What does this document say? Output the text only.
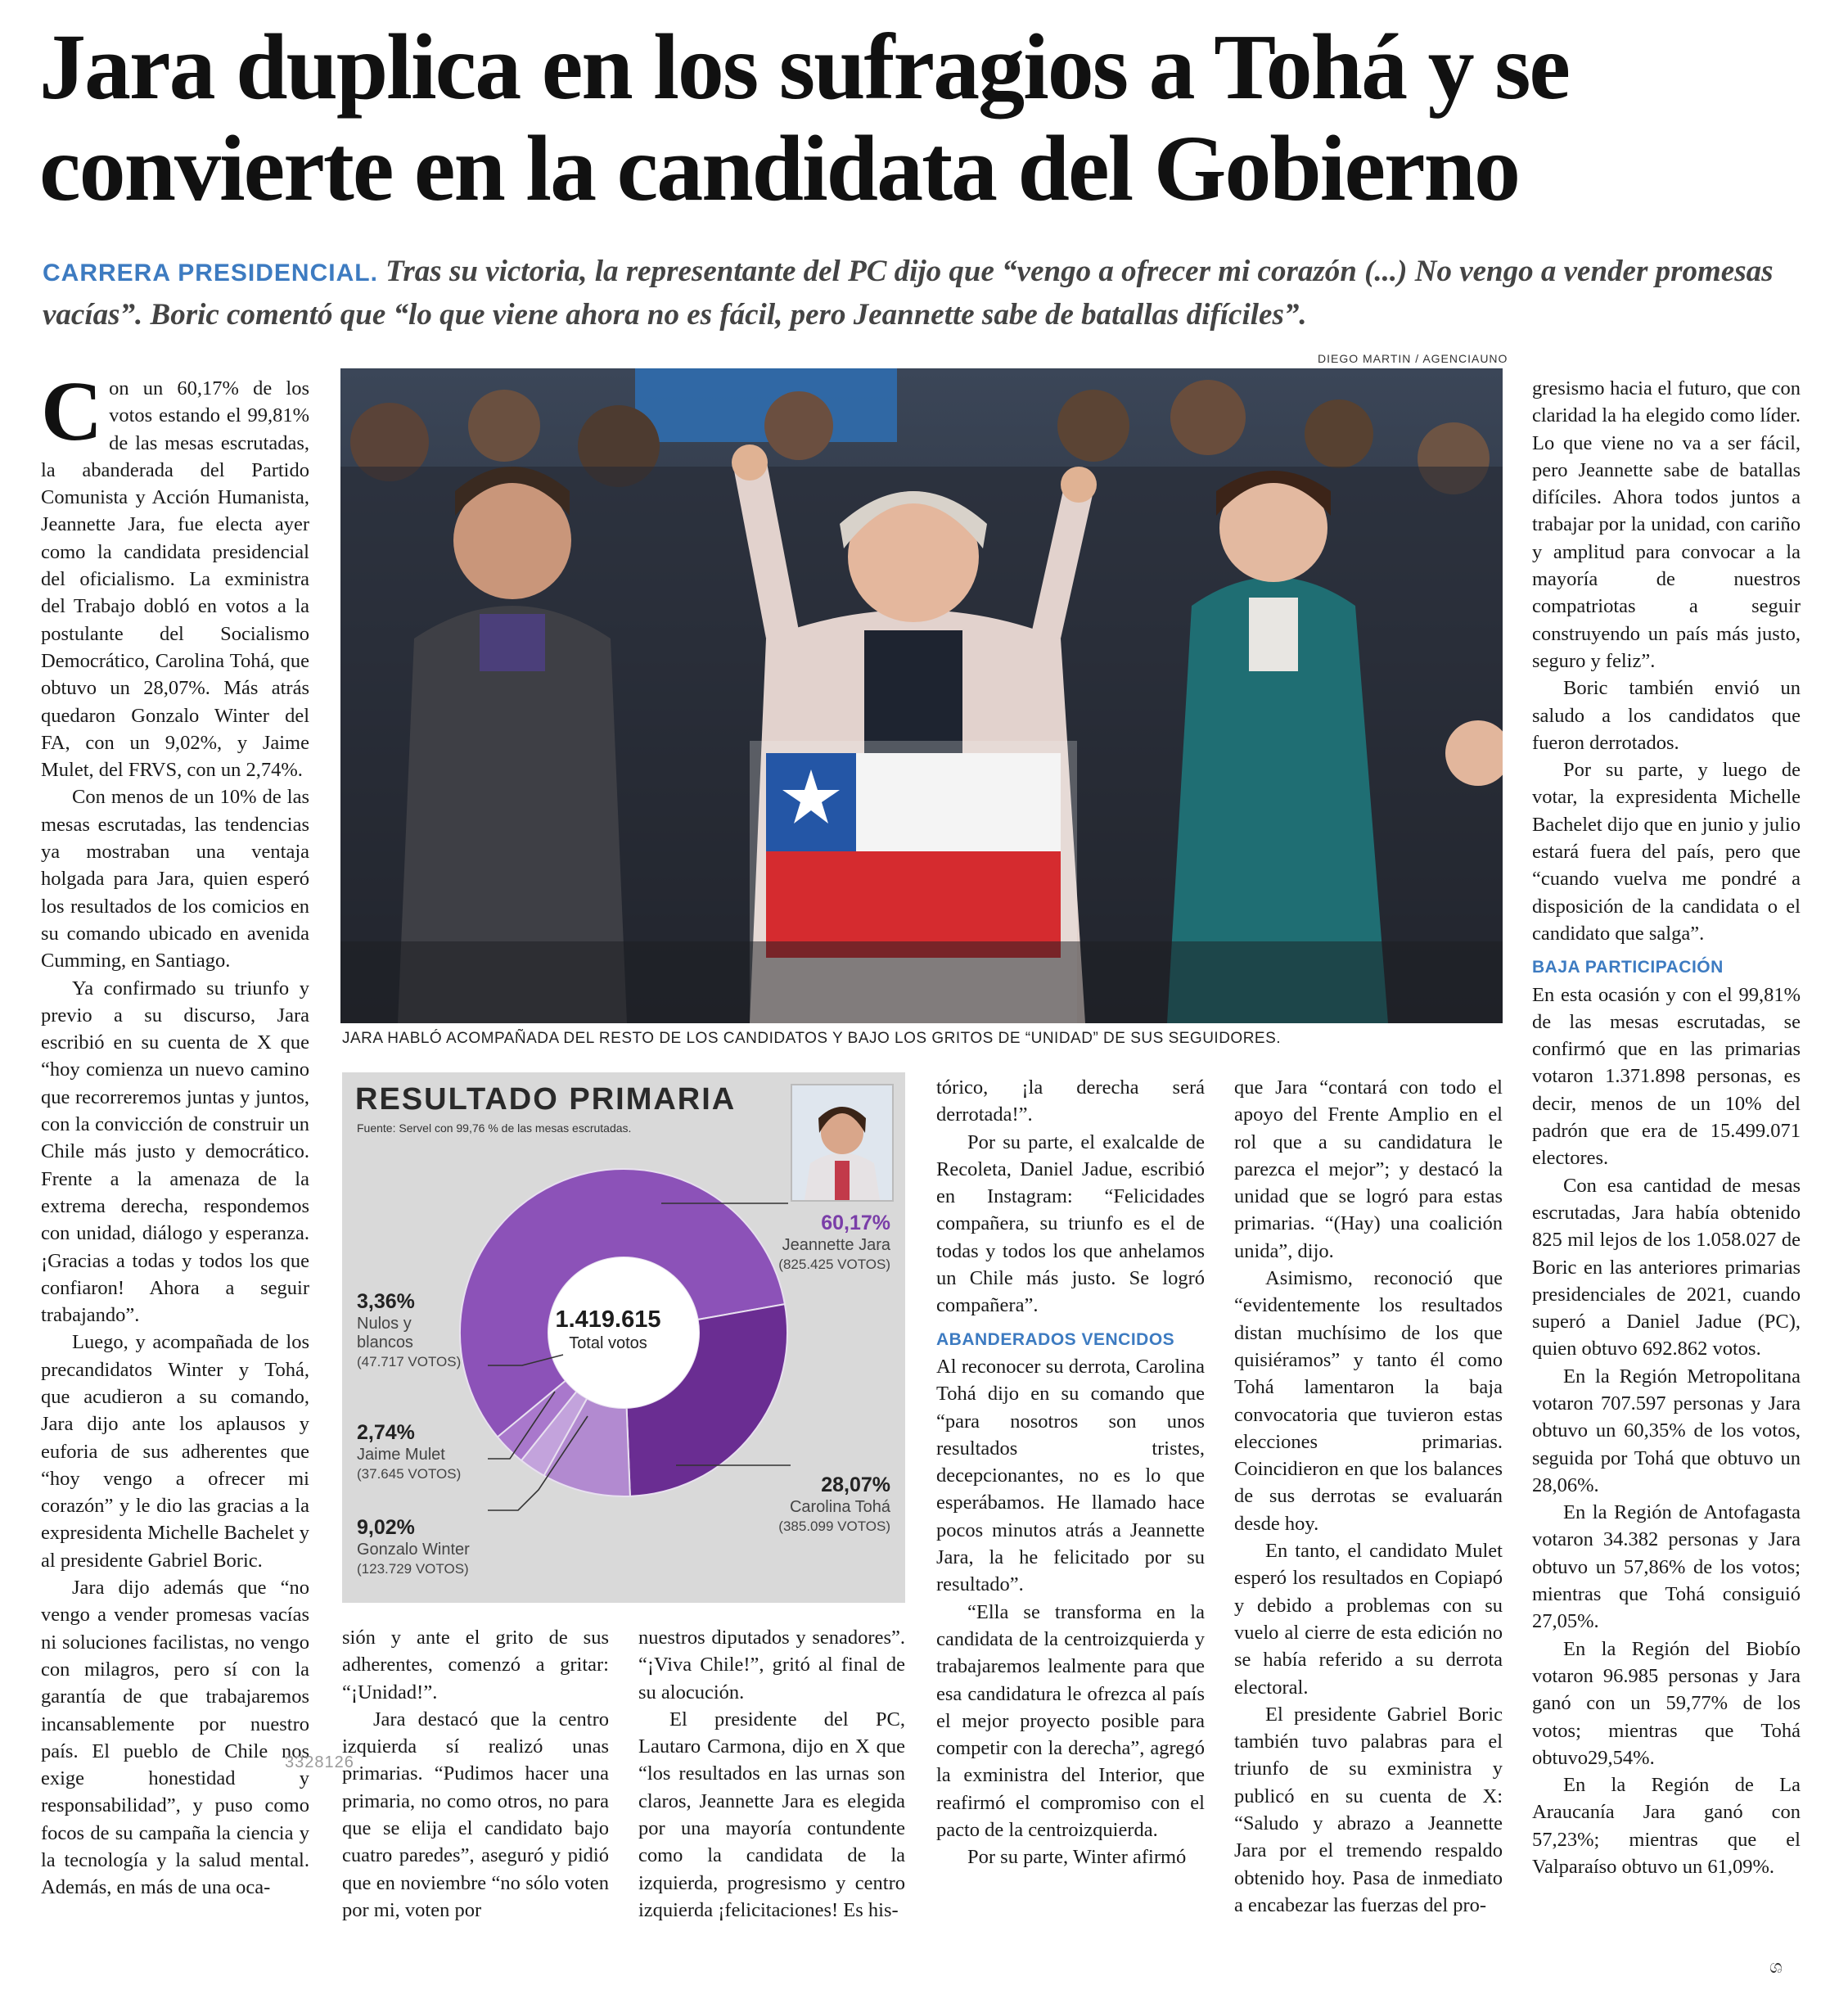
Jara duplica en los sufragios a Tohá y se convierte en la candidata del Gobierno

CARRERA PRESIDENCIAL. Tras su victoria, la representante del PC dijo que “vengo a ofrecer mi corazón (...) No vengo a vender promesas vacías”. Boric comentó que “lo que viene ahora no es fácil, pero Jeannette sabe de batallas difíciles”.

DIEGO MARTIN / AGENCIAUNO
JARA HABLÓ ACOMPAÑADA DEL RESTO DE LOS CANDIDATOS Y BAJO LOS GRITOS DE “UNIDAD” DE SUS SEGUIDORES.

Con un 60,17% de los votos estando el 99,81% de las mesas escrutadas, la abanderada del Partido Comunista y Acción Humanista, Jeannette Jara, fue electa ayer como la candidata presidencial del oficialismo. La exministra del Trabajo dobló en votos a la postulante del Socialismo Democrático, Carolina Tohá, que obtuvo un 28,07%. Más atrás quedaron Gonzalo Winter del FA, con un 9,02%, y Jaime Mulet, del FRVS, con un 2,74%.

Con menos de un 10% de las mesas escrutadas, las tendencias ya mostraban una ventaja holgada para Jara, quien esperó los resultados de los comicios en su comando ubicado en avenida Cumming, en Santiago.

Ya confirmado su triunfo y previo a su discurso, Jara escribió en su cuenta de X que “hoy comienza un nuevo camino que recorreremos juntas y juntos, con la convicción de construir un Chile más justo y democrático. Frente a la amenaza de la extrema derecha, respondemos con unidad, diálogo y esperanza. ¡Gracias a todas y todos los que confiaron! Ahora a seguir trabajando”.

Luego, y acompañada de los precandidatos Winter y Tohá, que acudieron a su comando, Jara dijo ante los aplausos y euforia de sus adherentes que “hoy vengo a ofrecer mi corazón” y le dio las gracias a la expresidenta Michelle Bachelet y al presidente Gabriel Boric.

Jara dijo además que “no vengo a vender promesas vacías ni soluciones facilistas, no vengo con milagros, pero sí con la garantía de que trabajaremos incansablemente por nuestro país. El pueblo de Chile nos exige honestidad y responsabilidad”, y puso como focos de su campaña la ciencia y la tecnología y la salud mental. Además, en más de una oca-

RESULTADO PRIMARIA
Fuente: Servel con 99,76 % de las mesas escrutadas.
1.419.615
Total votos
60,17%
Jeannette Jara
(825.425 VOTOS)
28,07%
Carolina Tohá
(385.099 VOTOS)
3,36%
Nulos y
blancos
(47.717 VOTOS)
2,74%
Jaime Mulet
(37.645 VOTOS)
9,02%
Gonzalo Winter
(123.729 VOTOS)

sión y ante el grito de sus adherentes, comenzó a gritar: “¡Unidad!”.

Jara destacó que la centro izquierda sí realizó unas primarias. “Pudimos hacer una primaria, no como otros, no para que se elija el candidato bajo cuatro paredes”, aseguró y pidió que en noviembre “no sólo voten por mi, voten por

3328126

nuestros diputados y senadores”. “¡Viva Chile!”, gritó al final de su alocución.

El presidente del PC, Lautaro Carmona, dijo en X que “los resultados en las urnas son claros, Jeannette Jara es elegida por una mayoría contundente como la candidata de la izquierda, progresismo y centro izquierda ¡felicitaciones! Es his-

tórico, ¡la derecha será derrotada!”.

Por su parte, el exalcalde de Recoleta, Daniel Jadue, escribió en Instagram: “Felicidades compañera, su triunfo es el de todas y todos los que anhelamos un Chile más justo. Se logró compañera”.

ABANDERADOS VENCIDOS

Al reconocer su derrota, Carolina Tohá dijo en su comando que “para nosotros son unos resultados tristes, decepcionantes, no es lo que esperábamos. He llamado hace pocos minutos atrás a Jeannette Jara, la he felicitado por su resultado”.

“Ella se transforma en la candidata de la centroizquierda y trabajaremos lealmente para que esa candidatura le ofrezca al país el mejor proyecto posible para competir con la derecha”, agregó la exministra del Interior, que reafirmó el compromiso con el pacto de la centroizquierda.

Por su parte, Winter afirmó

que Jara “contará con todo el apoyo del Frente Amplio en el rol que a su candidatura le parezca el mejor”; y destacó la unidad que se logró para estas primarias. “(Hay) una coalición unida”, dijo.

Asimismo, reconoció que “evidentemente los resultados distan muchísimo de los que quisiéramos” y tanto él como Tohá lamentaron la baja convocatoria que tuvieron estas elecciones primarias. Coincidieron en que los balances de sus derrotas se evaluarán desde hoy.

En tanto, el candidato Mulet esperó los resultados en Copiapó y debido a problemas con su vuelo al cierre de esta edición no se había referido a su derrota electoral.

El presidente Gabriel Boric también tuvo palabras para el triunfo de su exministra y publicó en su cuenta de X: “Saludo y abrazo a Jeannette Jara por el tremendo respaldo obtenido hoy. Pasa de inmediato a encabezar las fuerzas del pro-

gresismo hacia el futuro, que con claridad la ha elegido como líder. Lo que viene no va a ser fácil, pero Jeannette sabe de batallas difíciles. Ahora todos juntos a trabajar por la unidad, con cariño y amplitud para convocar a la mayoría de nuestros compatriotas a seguir construyendo un país más justo, seguro y feliz”.

Boric también envió un saludo a los candidatos que fueron derrotados.

Por su parte, y luego de votar, la expresidenta Michelle Bachelet dijo que en junio y julio estará fuera del país, pero que “cuando vuelva me pondré a disposición de la candidata o el candidato que salga”.

BAJA PARTICIPACIÓN

En esta ocasión y con el 99,81% de las mesas escrutadas, se confirmó que en las primarias votaron 1.371.898 personas, es decir, menos de un 10% del padrón que era de 15.499.071 electores.

Con esa cantidad de mesas escrutadas, Jara había obtenido 825 mil lejos de los 1.058.027 de Boric en las anteriores primarias presidenciales de 2021, cuando superó a Daniel Jadue (PC), quien obtuvo 692.862 votos.

En la Región Metropolitana votaron 707.597 personas y Jara obtuvo un 60,35% de los votos, seguida por Tohá que obtuvo un 28,06%.

En la Región de Antofagasta votaron 34.382 personas y Jara obtuvo un 57,86% de los votos; mientras que Tohá consiguió 27,05%.

En la Región del Biobío votaron 96.985 personas y Jara ganó con un 59,77% de los votos; mientras que Tohá obtuvo29,54%.

En la Región de La Araucanía Jara ganó con 57,23%; mientras que el Valparaíso obtuvo un 61,09%.

ශ
